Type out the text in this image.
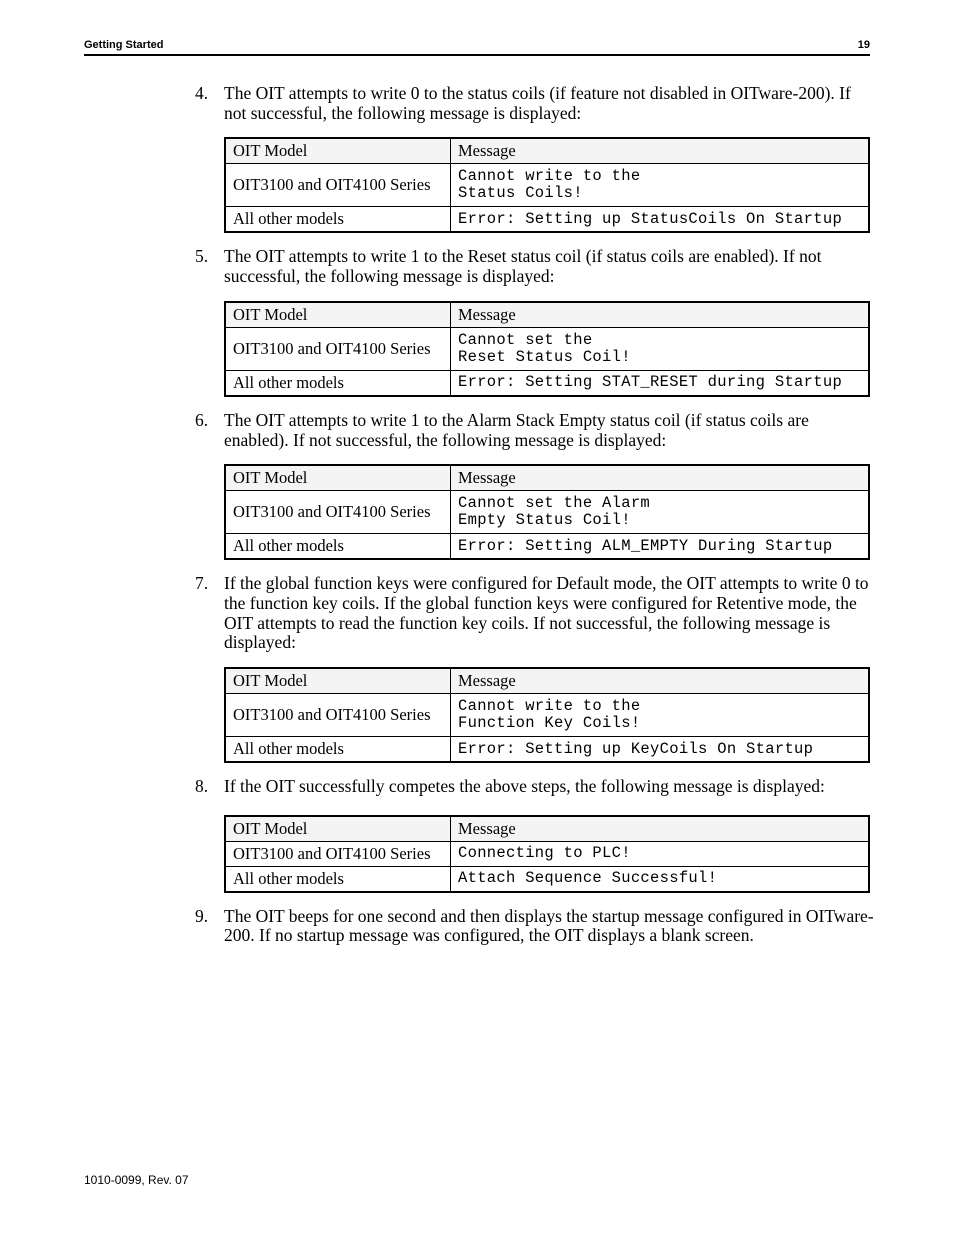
Getting Started	19
4. The OIT attempts to write 0 to the status coils (if feature not disabled in OITware-200). If not successful, the following message is displayed:
OIT Model	Message
OIT3100 and OIT4100 Series	Cannot write to the
Status Coils!
All other models	Error: Setting up StatusCoils On Startup
5. The OIT attempts to write 1 to the Reset status coil (if status coils are enabled). If not successful, the following message is displayed:
OIT Model	Message
OIT3100 and OIT4100 Series	Cannot set the
Reset Status Coil!
All other models	Error: Setting STAT_RESET during Startup
6. The OIT attempts to write 1 to the Alarm Stack Empty status coil (if status coils are enabled). If not successful, the following message is displayed:
OIT Model	Message
OIT3100 and OIT4100 Series	Cannot set the Alarm
Empty Status Coil!
All other models	Error: Setting ALM_EMPTY During Startup
7. If the global function keys were configured for Default mode, the OIT attempts to write 0 to the function key coils. If the global function keys were configured for Retentive mode, the OIT attempts to read the function key coils. If not successful, the following message is displayed:
OIT Model	Message
OIT3100 and OIT4100 Series	Cannot write to the
Function Key Coils!
All other models	Error: Setting up KeyCoils On Startup
8. If the OIT successfully competes the above steps, the following message is displayed:
OIT Model	Message
OIT3100 and OIT4100 Series	Connecting to PLC!
All other models	Attach Sequence Successful!
9. The OIT beeps for one second and then displays the startup message configured in OITware-200. If no startup message was configured, the OIT displays a blank screen.
1010-0099, Rev. 07
